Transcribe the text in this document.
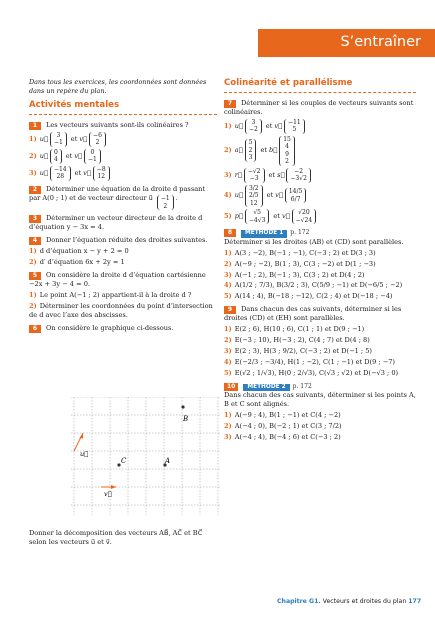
S’entraîner

Dans tous les exercices, les coordonnées sont données dans un repère du plan.

Activités mentales
1 Les vecteurs suivants sont-ils colinéaires ?
1) u⃗	3
−1	et v⃗	−6
2
2) u⃗	0
4	et v⃗	0
−1
3) u⃗	−14
28	et v⃗	−8
12
2 Déterminer une équation de la droite d passant par A(0 ; 1) et de vecteur directeur u⃗	−1
2
.
3 Déterminer un vecteur directeur de la droite d d’équation y − 3x = 4.
4 Donner l’équation réduite des droites suivantes.
1) d d’équation x − y + 2 = 0
2) d′ d’équation 6x + 2y = 1
5 On considère la droite d d’équation cartésienne −2x + 3y − 4 = 0.
1) Le point A(−1 ; 2) appartient-il à la droite d ?
2) Déterminer les coordonnées du point d’intersection de d avec l’axe des abscisses.
6 On considère le graphique ci-dessous.
B
C	A
u⃗
v⃗
Donner la décomposition des vecteurs AB⃗, AC⃗ et BC⃗ selon les vecteurs u⃗ et v⃗.
Colinéarité et parallélisme
7 Déterminer si les couples de vecteurs suivants sont colinéaires.
1) u⃗	3
−2	et v⃗	−11
5
2) a⃗
5
2
3
et b⃗
15
4
9
2
3) r⃗	−√2
−3	et s⃗	−2
−3√2
4) u⃗
3/2
2/5
12
et v⃗	14/5
6/7
5) p⃗	√5
−4√3	et v⃗	√20
−√24
8 MÉTHODE 1 p. 172
Déterminer si les droites (AB) et (CD) sont parallèles.
1) A(3 ; −2), B(−1 ; −1), C(−3 ; 2) et D(3 ; 3)
2) A(−9 ; −2), B(1 ; 3), C(3 ; −2) et D(1 ; −3)
3) A(−1 ; 2), B(−1 ; 3), C(3 ; 2) et D(4 ; 2)
4) A(1/2 ; 7/3), B(3/2 ; 3), C(5/9 ; −1) et D(−6/5 ; −2)
5) A(14 ; 4), B(−18 ; −12), C(2 ; 4) et D(−18 ; −4)
9 Dans chacun des cas suivants, déterminer si les droites (CD) et (EH) sont parallèles.
1) E(2 ; 6), H(10 ; 6), C(1 ; 1) et D(9 ; −1)
2) E(−3 ; 10), H(−3 ; 2), C(4 ; 7) et D(4 ; 8)
3) E(2 ; 3), H(3 ; 9/2), C(−3 ; 2) et D(−1 ; 5)
4) E(−2/3 ; −3/4), H(1 ; −2), C(1 ; −1) et D(9 ; −7)
5) E(√2 ; 1/√3), H(0 ; 2/√3), C(√3 ; √2) et D(−√3 ; 0)
10 MÉTHODE 2 p. 172
Dans chacun des cas suivants, déterminer si les points A, B et C sont alignés.
1) A(−9 ; 4), B(1 ; −1) et C(4 ; −2)
2) A(−4 ; 0), B(−2 ; 1) et C(3 ; 7/2)
3) A(−4 ; 4), B(−4 ; 6) et C(−3 ; 2)
Chapitre G1. Vecteurs et droites du plan 177
